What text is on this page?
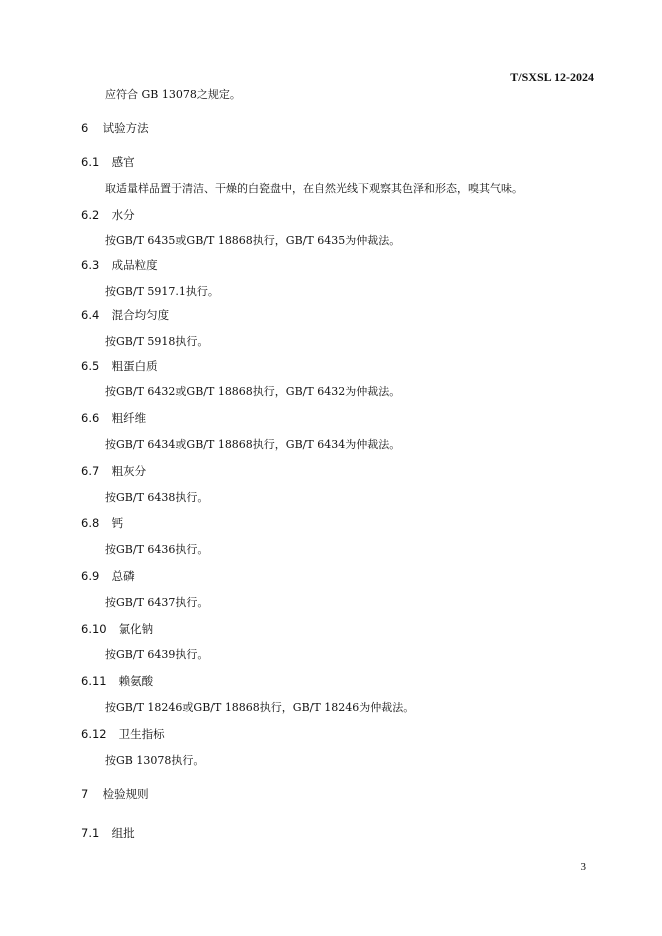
T/SXSL 12-2024
应符合 GB 13078之规定。
6 试验方法
6.1 感官
取适量样品置于清洁、干燥的白瓷盘中，在自然光线下观察其色泽和形态，嗅其气味。
6.2 水分
按GB/T 6435或GB/T 18868执行，GB/T 6435为仲裁法。
6.3 成品粒度
按GB/T 5917.1执行。
6.4 混合均匀度
按GB/T 5918执行。
6.5 粗蛋白质
按GB/T 6432或GB/T 18868执行，GB/T 6432为仲裁法。
6.6 粗纤维
按GB/T 6434或GB/T 18868执行，GB/T 6434为仲裁法。
6.7 粗灰分
按GB/T 6438执行。
6.8 钙
按GB/T 6436执行。
6.9 总磷
按GB/T 6437执行。
6.10 氯化钠
按GB/T 6439执行。
6.11 赖氨酸
按GB/T 18246或GB/T 18868执行，GB/T 18246为仲裁法。
6.12 卫生指标
按GB 13078执行。
7 检验规则
7.1 组批
3
